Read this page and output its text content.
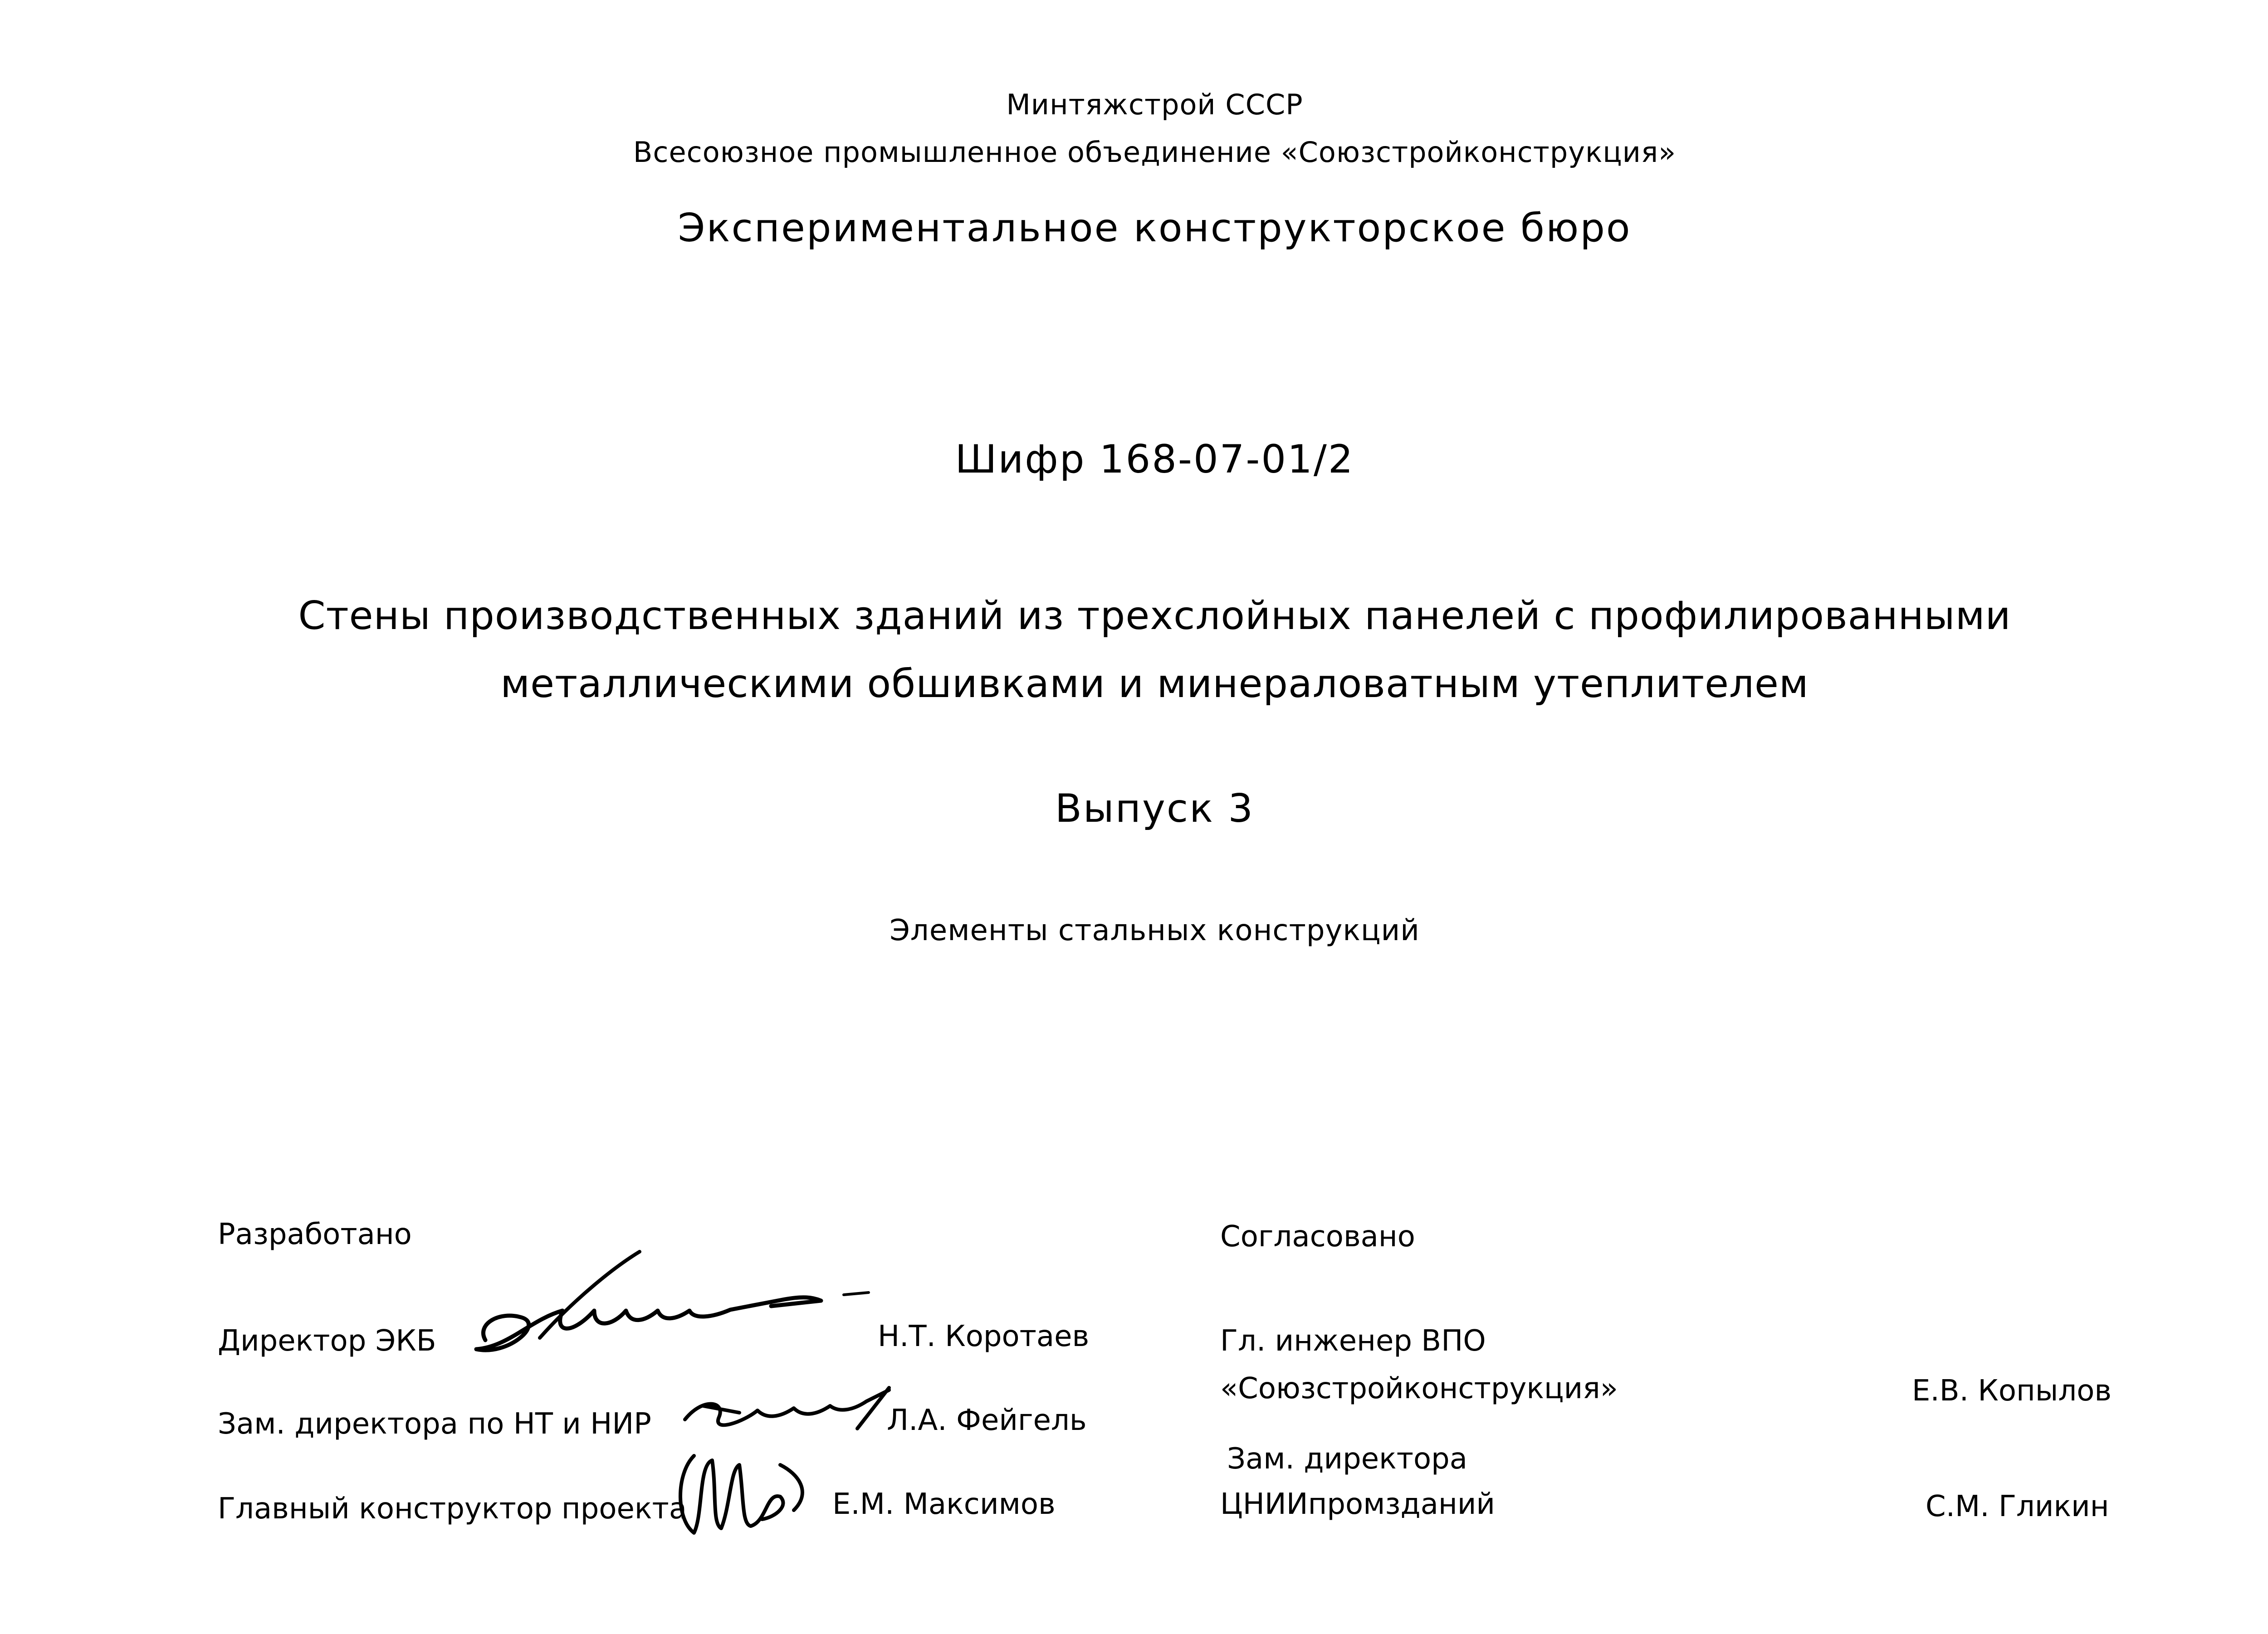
Минтяжстрой СССР
Всесоюзное промышленное объединение «Союзстройконструкция»
Экспериментальное конструкторское бюро
Шифр 168-07-01/2
Стены производственных зданий из трехслойных панелей с профилированными
металлическими обшивками и минераловатным утеплителем
Выпуск 3
Элементы стальных конструкций
Разработано
Директор ЭКБ	Н.Т. Коротаев
Зам. директора по НТ и НИР	Л.А. Фейгель
Главный конструктор проекта	Е.М. Максимов
Согласовано
Гл. инженер ВПО
«Союзстройконструкция»	Е.В. Копылов
Зам. директора
ЦНИИпромзданий	С.М. Гликин
